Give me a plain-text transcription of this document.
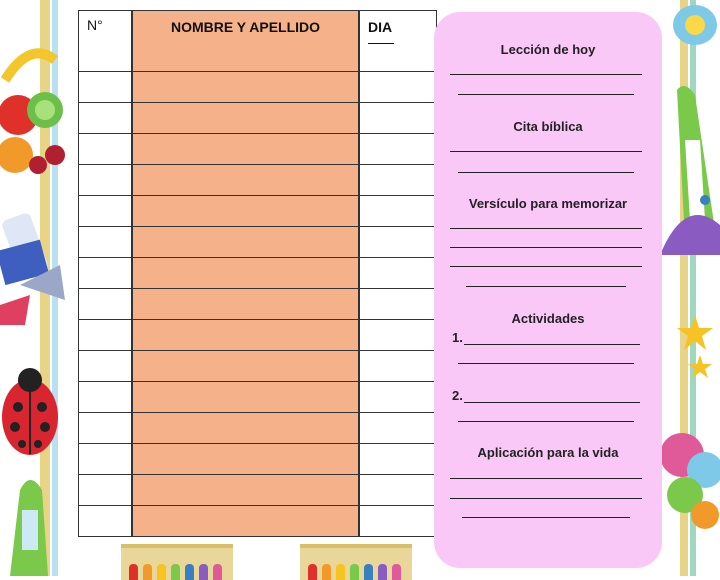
N°	NOMBRE Y APELLIDO	DIA

Lección de hoy
Cita bíblica
Versículo para memorizar
Actividades
1.
2.
Aplicación para la vida
